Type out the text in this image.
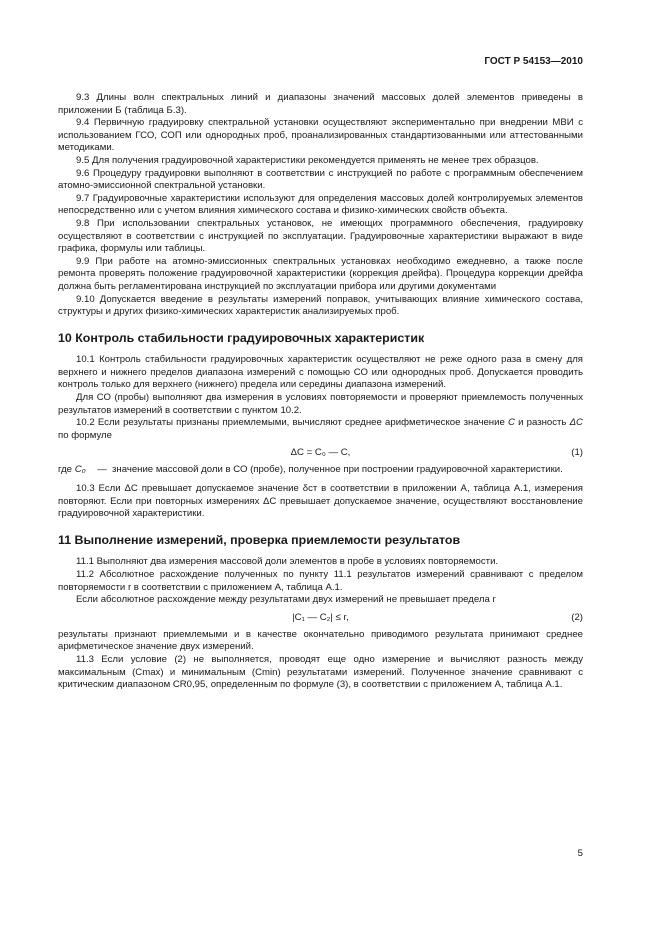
ГОСТ Р 54153—2010

9.3 Длины волн спектральных линий и диапазоны значений массовых долей элементов приведены в приложении Б (таблица Б.3).

9.4 Первичную градуировку спектральной установки осуществляют экспериментально при внедрении МВИ с использованием ГСО, СОП или однородных проб, проанализированных стандартизованными или аттестованными методиками.

9.5 Для получения градуировочной характеристики рекомендуется применять не менее трех образцов.

9.6 Процедуру градуировки выполняют в соответствии с инструкцией по работе с программным обеспечением атомно-эмиссионной спектральной установки.

9.7 Градуировочные характеристики используют для определения массовых долей контролируемых элементов непосредственно или с учетом влияния химического состава и физико-химических свойств объекта.

9.8 При использовании спектральных установок, не имеющих программного обеспечения, градуировку осуществляют в соответствии с инструкцией по эксплуатации. Градуировочные характеристики выражают в виде графика, формулы или таблицы.

9.9 При работе на атомно-эмиссионных спектральных установках необходимо ежедневно, а также после ремонта проверять положение градуировочной характеристики (коррекция дрейфа). Процедура коррекции дрейфа должна быть регламентирована инструкцией по эксплуатации прибора или другими документами

9.10 Допускается введение в результаты измерений поправок, учитывающих влияние химического состава, структуры и других физико-химических характеристик анализируемых проб.

10 Контроль стабильности градуировочных характеристик

10.1 Контроль стабильности градуировочных характеристик осуществляют не реже одного раза в смену для верхнего и нижнего пределов диапазона измерений с помощью СО или однородных проб. Допускается проводить контроль только для верхнего (нижнего) предела или середины диапазона измерений.

Для СО (пробы) выполняют два измерения в условиях повторяемости и проверяют приемлемость полученных результатов измерений в соответствии с пунктом 10.2.

10.2 Если результаты признаны приемлемыми, вычисляют среднее арифметическое значение C и разность ΔC по формуле

ΔC = C₀ — C,	(1)
где C₀	— значение массовой доли в СО (пробе), полученное при построении градуировочной характеристики.

10.3 Если ΔC превышает допускаемое значение δст в соответствии в приложении А, таблица А.1, измерения повторяют. Если при повторных измерениях ΔC превышает допускаемое значение, осуществляют восстановление градуировочной характеристики.

11 Выполнение измерений, проверка приемлемости результатов

11.1 Выполняют два измерения массовой доли элементов в пробе в условиях повторяемости.

11.2 Абсолютное расхождение полученных по пункту 11.1 результатов измерений сравнивают с пределом повторяемости r в соответствии с приложением А, таблица А.1.

Если абсолютное расхождение между результатами двух измерений не превышает предела r

|C₁ — C₂| ≤ r,	(2)

результаты признают приемлемыми и в качестве окончательно приводимого результата принимают среднее арифметическое значение двух измерений.

11.3 Если условие (2) не выполняется, проводят еще одно измерение и вычисляют разность между максимальным (Cmax) и минимальным (Cmin) результатами измерений. Полученное значение сравнивают с критическим диапазоном CR0,95, определенным по формуле (3), в соответствии с приложением А, таблица А.1.

5
